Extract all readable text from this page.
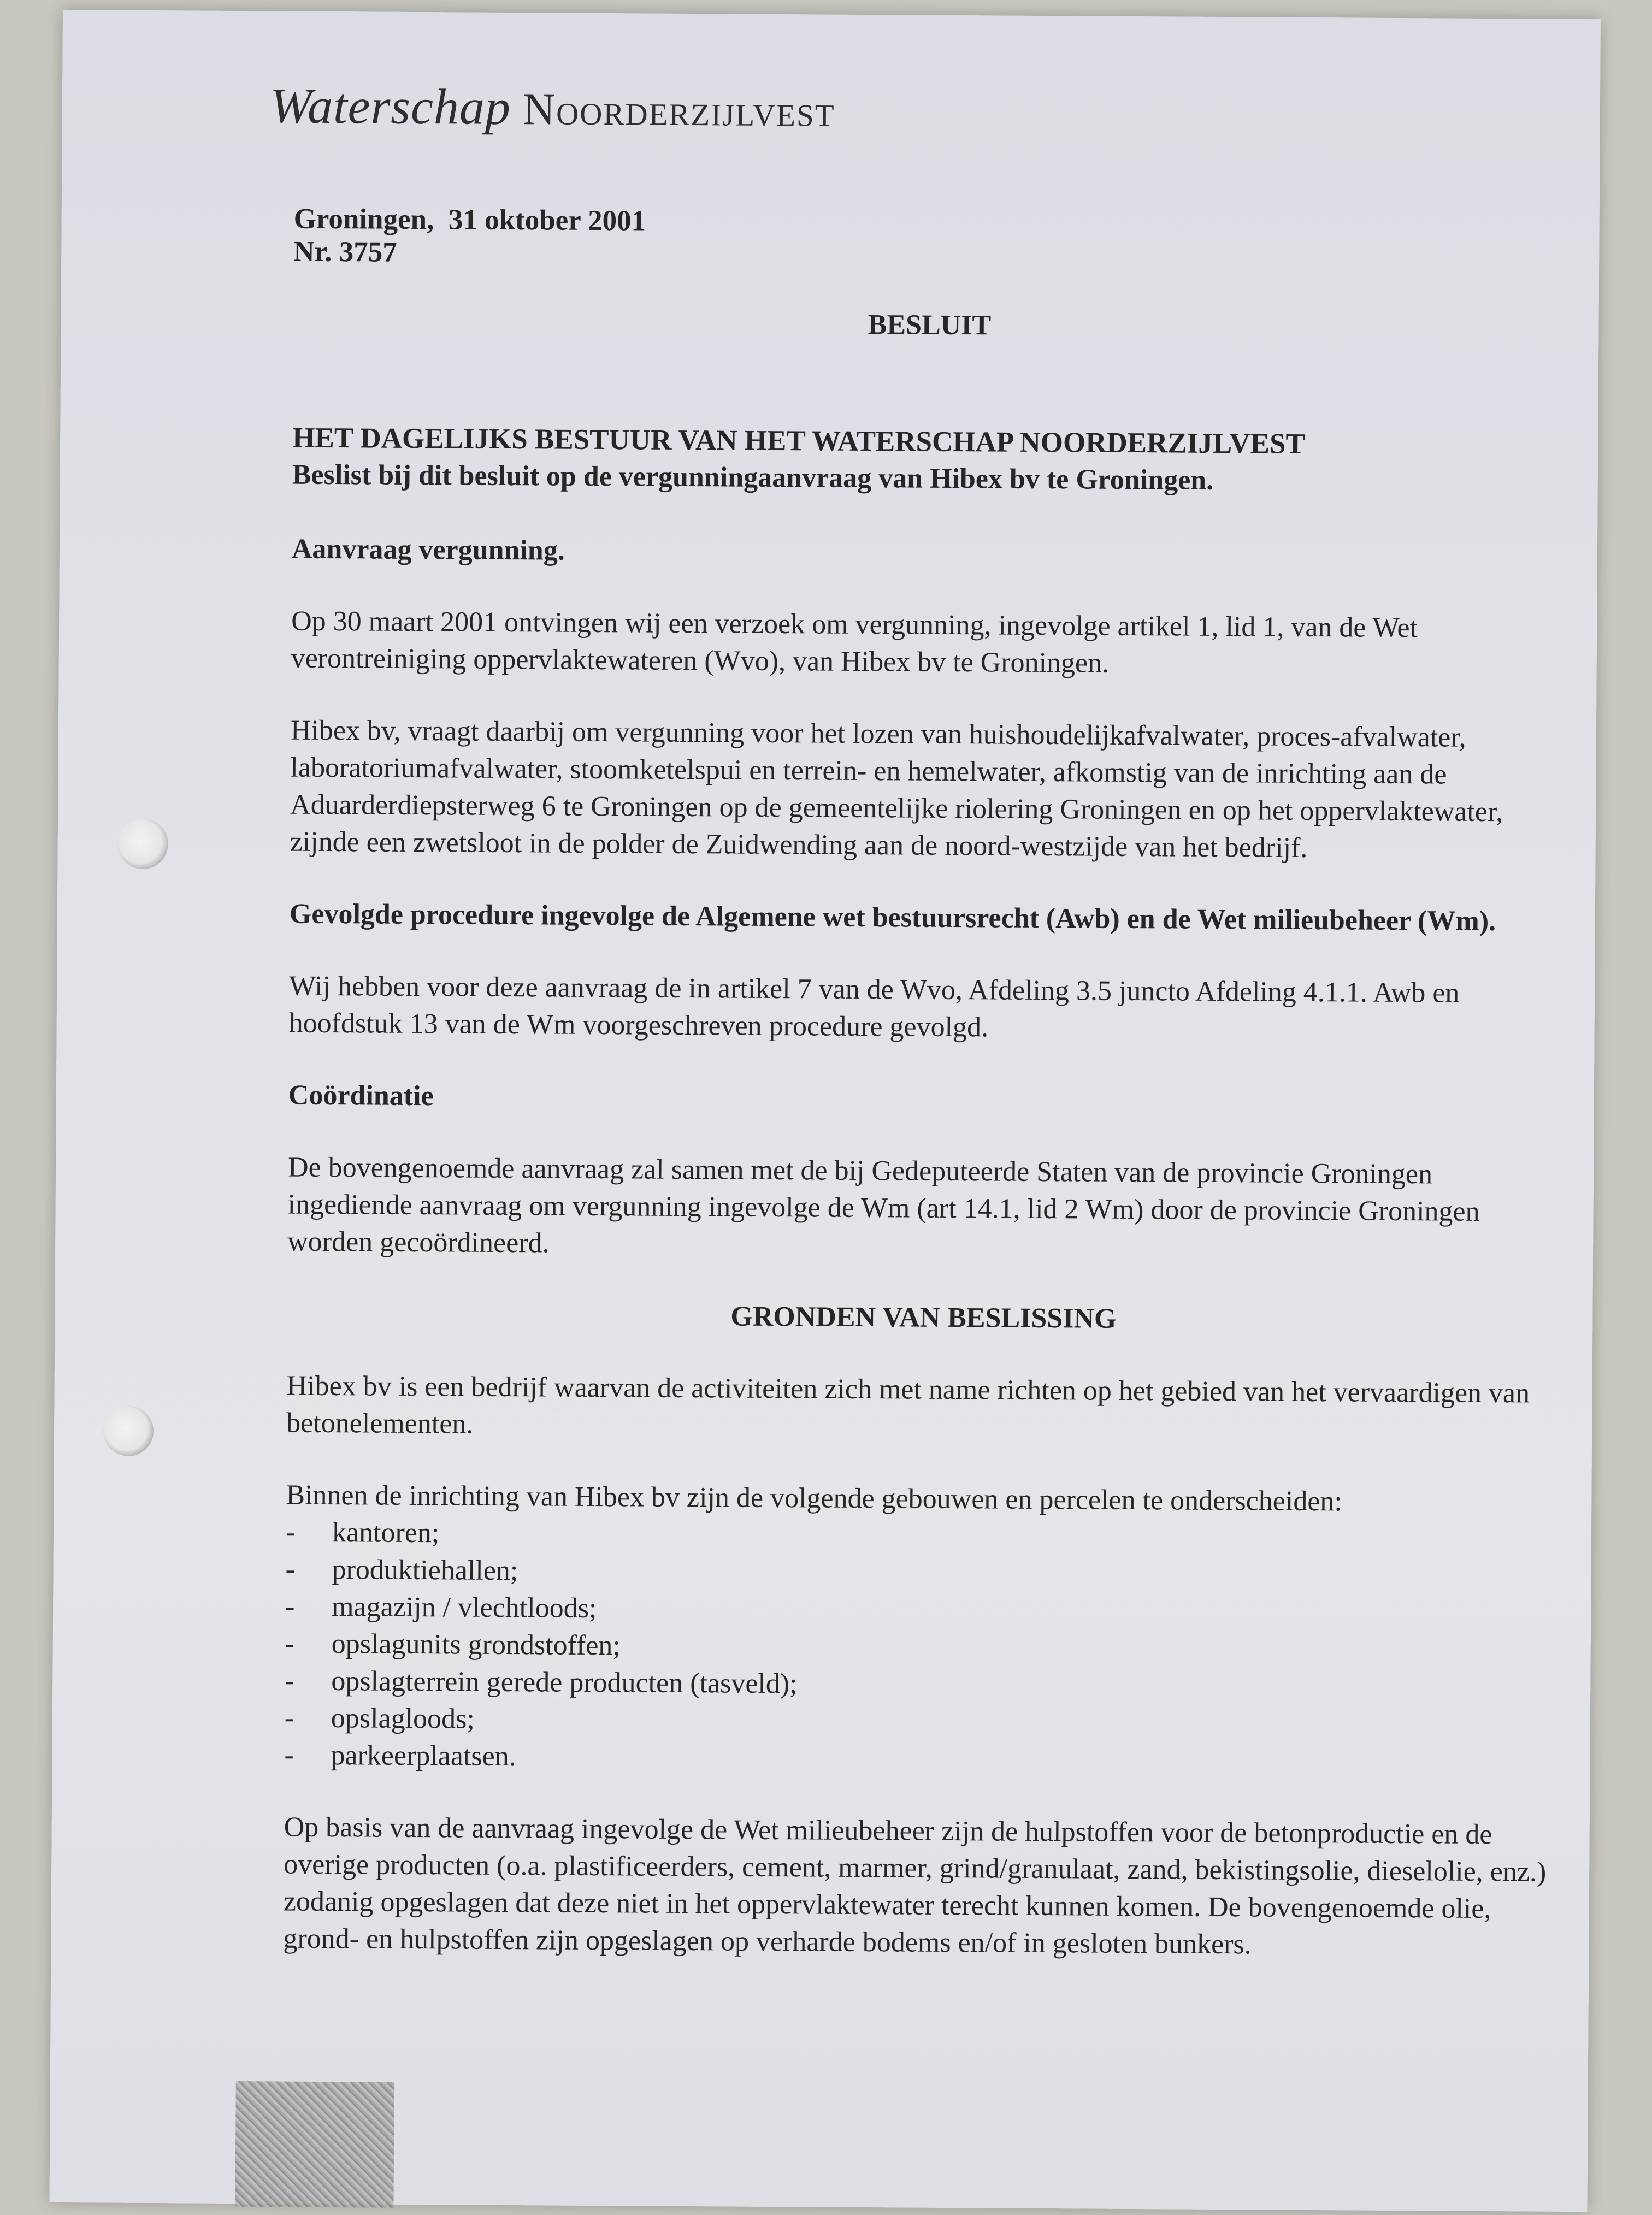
Waterschap Noorderzijlvest
Groningen,  31 oktober 2001
Nr. 3757
BESLUIT
HET DAGELIJKS BESTUUR VAN HET WATERSCHAP NOORDERZIJLVEST
Beslist bij dit besluit op de vergunningaanvraag van Hibex bv te Groningen.
Aanvraag vergunning.

Op 30 maart 2001 ontvingen wij een verzoek om vergunning, ingevolge artikel 1, lid 1, van de Wet verontreiniging oppervlaktewateren (Wvo), van Hibex bv te Groningen.

Hibex bv, vraagt daarbij om vergunning voor het lozen van huishoudelijkafvalwater, proces-afvalwater, laboratoriumafvalwater, stoomketelspui en terrein- en hemelwater, afkomstig van de inrichting aan de Aduarderdiepsterweg 6 te Groningen op de gemeentelijke riolering Groningen en op het oppervlaktewater, zijnde een zwetsloot in de polder de Zuidwending aan de noord-westzijde van het bedrijf.

Gevolgde procedure ingevolge de Algemene wet bestuursrecht (Awb) en de Wet milieubeheer (Wm).

Wij hebben voor deze aanvraag de in artikel 7 van de Wvo, Afdeling 3.5 juncto Afdeling 4.1.1. Awb en hoofdstuk 13 van de Wm voorgeschreven procedure gevolgd.

Coördinatie

De bovengenoemde aanvraag zal samen met de bij Gedeputeerde Staten van de provincie Groningen ingediende aanvraag om vergunning ingevolge de Wm (art 14.1, lid 2 Wm) door de provincie Groningen worden gecoördineerd.

GRONDEN VAN BESLISSING

Hibex bv is een bedrijf waarvan de activiteiten zich met name richten op het gebied van het vervaardigen van betonelementen.

Binnen de inrichting van Hibex bv zijn de volgende gebouwen en percelen te onderscheiden:

-	kantoren;
-	produktiehallen;
-	magazijn / vlechtloods;
-	opslagunits grondstoffen;
-	opslagterrein gerede producten (tasveld);
-	opslagloods;
-	parkeerplaatsen.

Op basis van de aanvraag ingevolge de Wet milieubeheer zijn de hulpstoffen voor de betonproductie en de overige producten (o.a. plastificeerders, cement, marmer, grind/granulaat, zand, bekistingsolie, dieselolie, enz.) zodanig opgeslagen dat deze niet in het oppervlaktewater terecht kunnen komen. De bovengenoemde olie, grond- en hulpstoffen zijn opgeslagen op verharde bodems en/of in gesloten bunkers.
